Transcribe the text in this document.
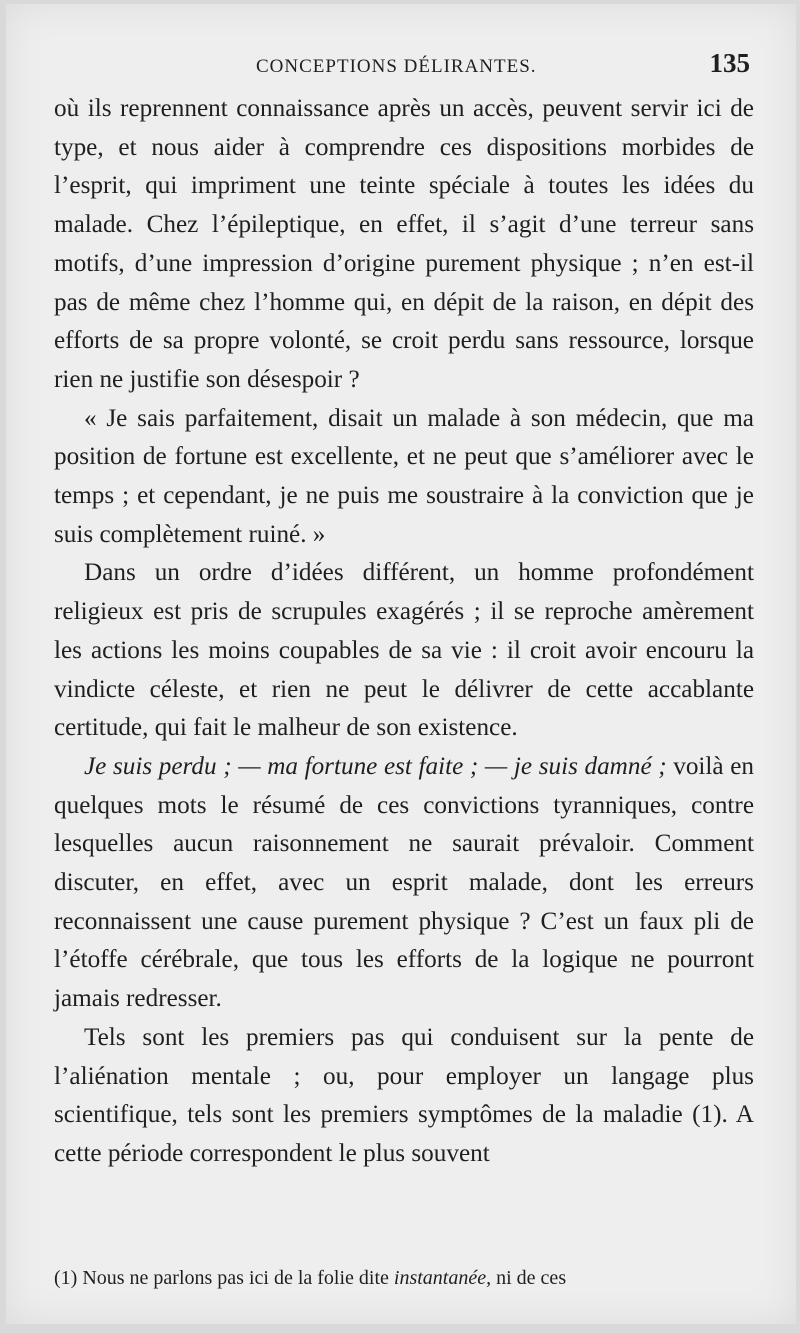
CONCEPTIONS DÉLIRANTES.	135

où ils reprennent connaissance après un accès, peuvent servir ici de type, et nous aider à comprendre ces dispositions morbides de l’esprit, qui impriment une teinte spéciale à toutes les idées du malade. Chez l’épileptique, en effet, il s’agit d’une terreur sans motifs, d’une impression d’origine purement physique ; n’en est-il pas de même chez l’homme qui, en dépit de la raison, en dépit des efforts de sa propre volonté, se croit perdu sans ressource, lorsque rien ne justifie son désespoir ?

« Je sais parfaitement, disait un malade à son médecin, que ma position de fortune est excellente, et ne peut que s’améliorer avec le temps ; et cependant, je ne puis me soustraire à la conviction que je suis complètement ruiné. »

Dans un ordre d’idées différent, un homme profondément religieux est pris de scrupules exagérés ; il se reproche amèrement les actions les moins coupables de sa vie : il croit avoir encouru la vindicte céleste, et rien ne peut le délivrer de cette accablante certitude, qui fait le malheur de son existence.

Je suis perdu ; — ma fortune est faite ; — je suis damné ; voilà en quelques mots le résumé de ces convictions tyranniques, contre lesquelles aucun raisonnement ne saurait prévaloir. Comment discuter, en effet, avec un esprit malade, dont les erreurs reconnaissent une cause purement physique ? C’est un faux pli de l’étoffe cérébrale, que tous les efforts de la logique ne pourront jamais redresser.

Tels sont les premiers pas qui conduisent sur la pente de l’aliénation mentale ; ou, pour employer un langage plus scientifique, tels sont les premiers symptômes de la maladie (1). A cette période correspondent le plus souvent

(1) Nous ne parlons pas ici de la folie dite instantanée, ni de ces
